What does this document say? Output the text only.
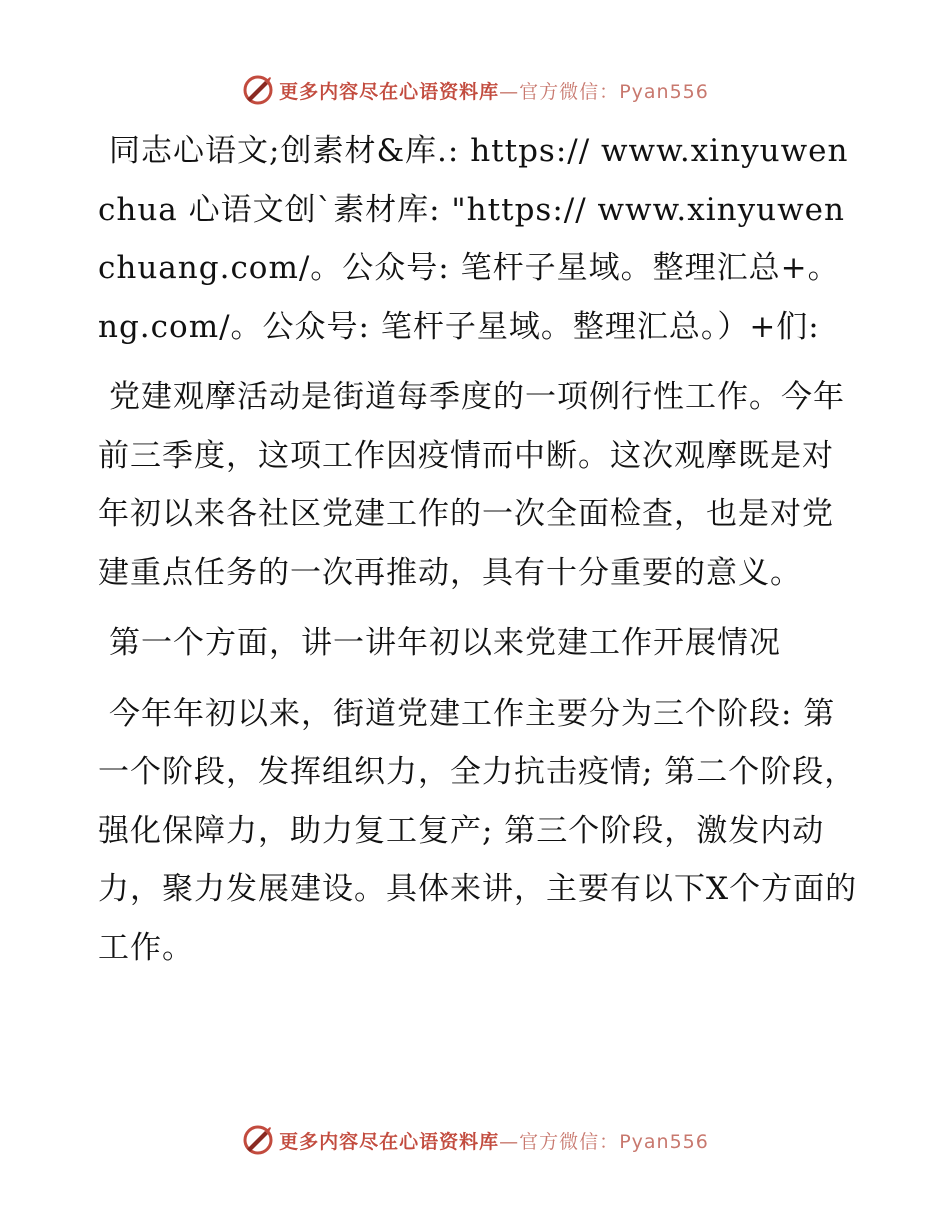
更多内容尽在心语资料库—官方微信：Pyan556

同志心语文;创素材&库.: https:// www.xinyuwenchua 心语文创`素材库: "https:// www.xinyuwenchuang.com/。公众号: 笔杆子星域。整理汇总+。ng.com/。公众号: 笔杆子星域。整理汇总。）+们:

党建观摩活动是街道每季度的一项例行性工作。今年前三季度，这项工作因疫情而中断。这次观摩既是对年初以来各社区党建工作的一次全面检查，也是对党建重点任务的一次再推动，具有十分重要的意义。

第一个方面，讲一讲年初以来党建工作开展情况

今年年初以来，街道党建工作主要分为三个阶段: 第一个阶段，发挥组织力，全力抗击疫情; 第二个阶段，强化保障力，助力复工复产; 第三个阶段，激发内动力，聚力发展建设。具体来讲，主要有以下X个方面的工作。

更多内容尽在心语资料库—官方微信：Pyan556
